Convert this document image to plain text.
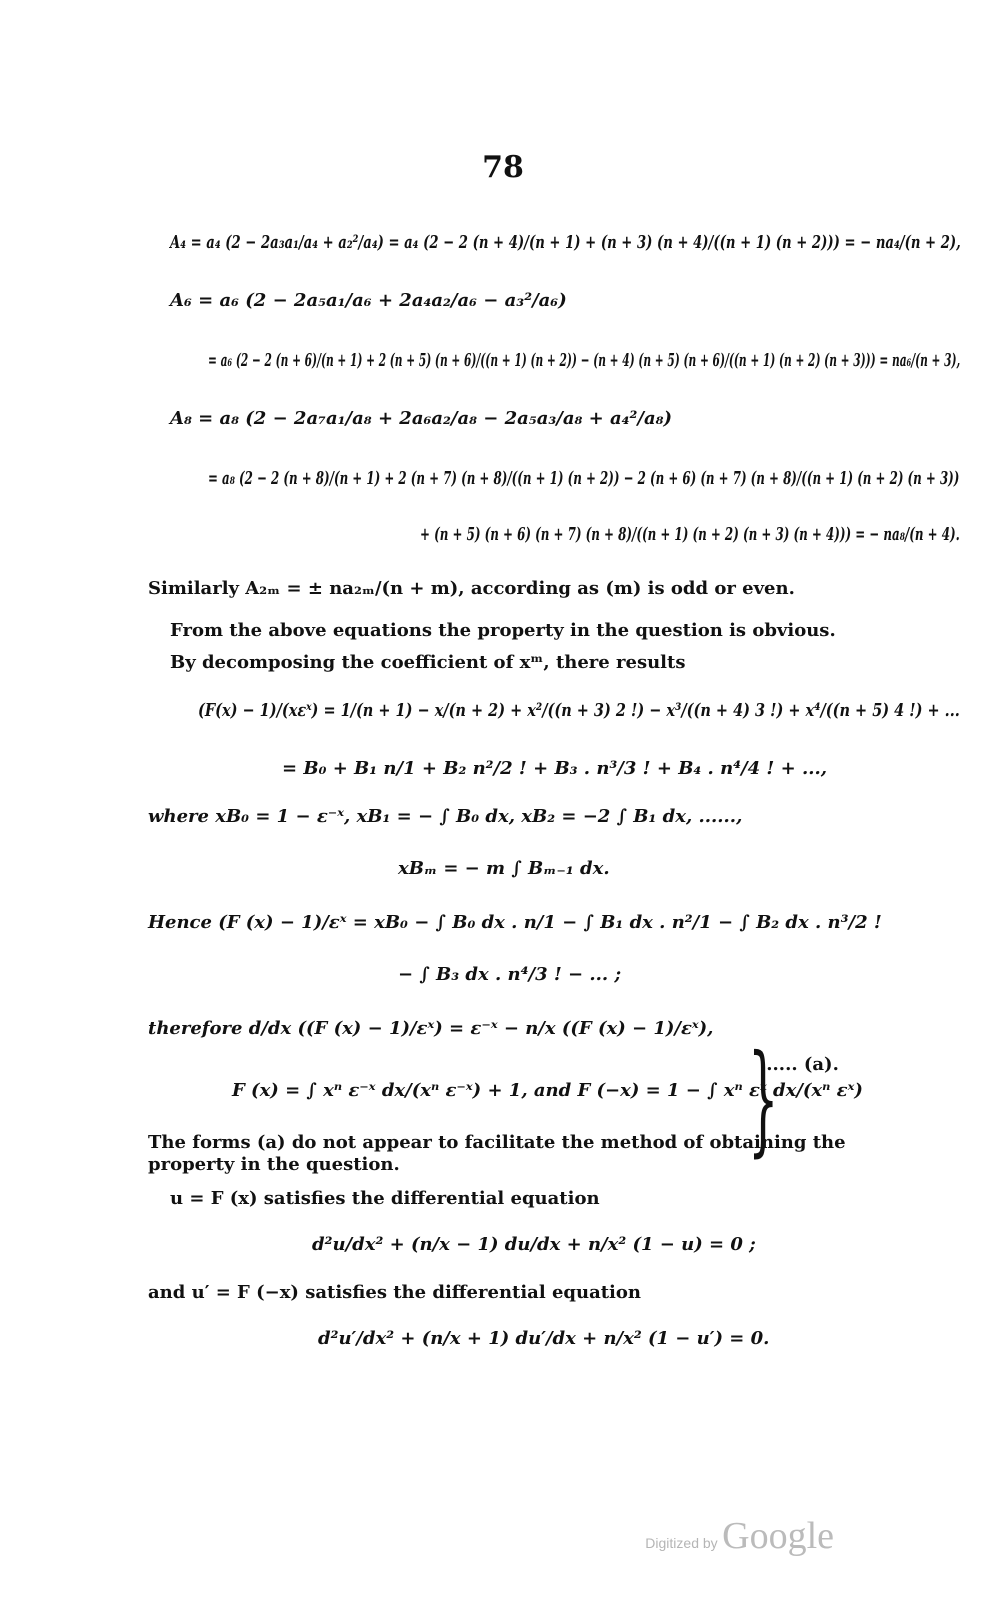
78
A₄ = a₄ (2 − 2a₃a₁/a₄ + a₂²/a₄) = a₄ (2 − 2 (n + 4)/(n + 1) + (n + 3) (n + 4)/((n + 1) (n + 2))) = − na₄/(n + 2),
A₆ = a₆ (2 − 2a₅a₁/a₆ + 2a₄a₂/a₆ − a₃²/a₆)
= a₆ (2 − 2 (n + 6)/(n + 1) + 2 (n + 5) (n + 6)/((n + 1) (n + 2)) − (n + 4) (n + 5) (n + 6)/((n + 1) (n + 2) (n + 3))) = na₆/(n + 3),
A₈ = a₈ (2 − 2a₇a₁/a₈ + 2a₆a₂/a₈ − 2a₅a₃/a₈ + a₄²/a₈)
= a₈ (2 − 2 (n + 8)/(n + 1) + 2 (n + 7) (n + 8)/((n + 1) (n + 2)) − 2 (n + 6) (n + 7) (n + 8)/((n + 1) (n + 2) (n + 3))
+ (n + 5) (n + 6) (n + 7) (n + 8)/((n + 1) (n + 2) (n + 3) (n + 4))) = − na₈/(n + 4).
Similarly A₂ₘ = ± na₂ₘ/(n + m), according as (m) is odd or even.
From the above equations the property in the question is obvious.
By decomposing the coefficient of xᵐ, there results
(F(x) − 1)/(xεˣ) = 1/(n + 1) − x/(n + 2) + x²/((n + 3) 2 !) − x³/((n + 4) 3 !) + x⁴/((n + 5) 4 !) + ...
= B₀ + B₁ n/1 + B₂ n²/2 ! + B₃ . n³/3 ! + B₄ . n⁴/4 ! + ...,
where xB₀ = 1 − ε⁻ˣ, xB₁ = − ∫ B₀ dx, xB₂ = −2 ∫ B₁ dx, ......,
xBₘ = − m ∫ Bₘ₋₁ dx.
Hence (F (x) − 1)/εˣ = xB₀ − ∫ B₀ dx . n/1 − ∫ B₁ dx . n²/1 − ∫ B₂ dx . n³/2 !
− ∫ B₃ dx . n⁴/3 ! − ... ;
therefore d/dx ((F (x) − 1)/εˣ) = ε⁻ˣ − n/x ((F (x) − 1)/εˣ),
F (x) = ∫ xⁿ ε⁻ˣ dx/(xⁿ ε⁻ˣ) + 1, and F (−x) = 1 − ∫ xⁿ εˣ dx/(xⁿ εˣ)
}
...... (a).
The forms (a) do not appear to facilitate the method of obtaining the
property in the question.
u = F (x) satisfies the differential equation
d²u/dx² + (n/x − 1) du/dx + n/x² (1 − u) = 0 ;
and u′ = F (−x) satisfies the differential equation
d²u′/dx² + (n/x + 1) du′/dx + n/x² (1 − u′) = 0.
Digitized by Google
